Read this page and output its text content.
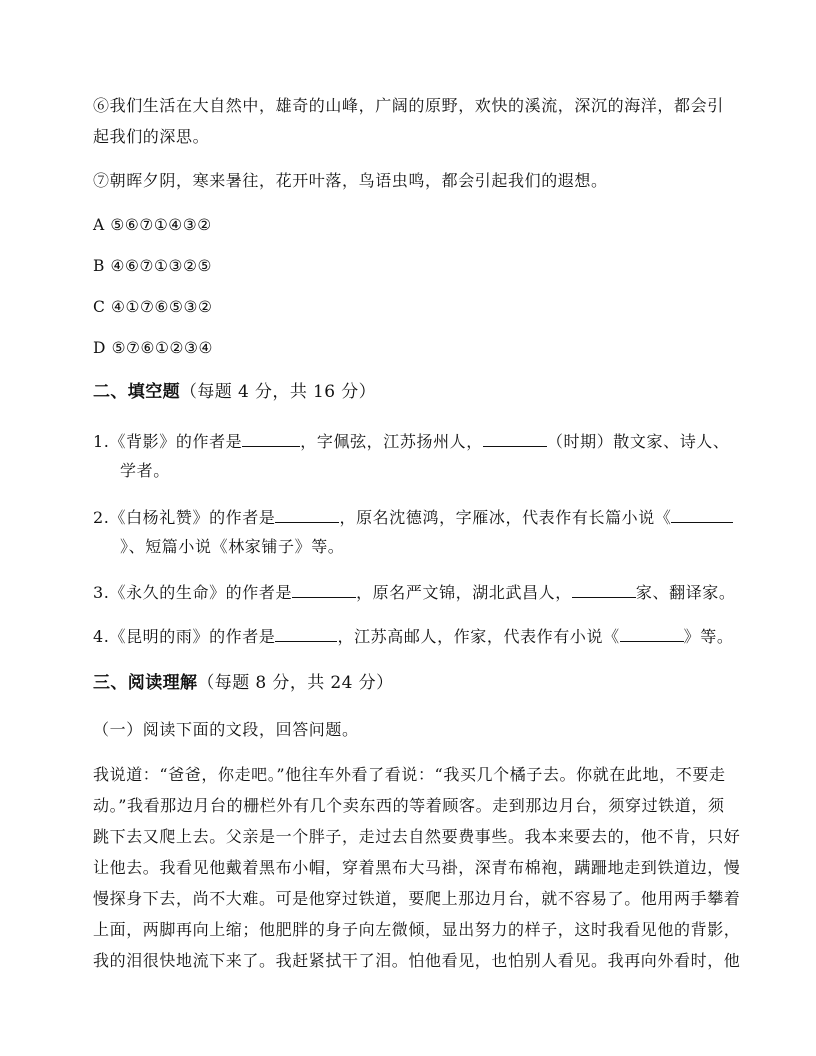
⑥我们生活在大自然中，雄奇的山峰，广阔的原野，欢快的溪流，深沉的海洋，都会引
起我们的深思。
⑦朝晖夕阴，寒来暑往，花开叶落，鸟语虫鸣，都会引起我们的遐想。
A ⑤⑥⑦①④③②
B ④⑥⑦①③②⑤
C ④①⑦⑥⑤③②
D ⑤⑦⑥①②③④
二、填空题（每题 4 分，共 16 分）
1.《背影》的作者是	，字佩弦，江苏扬州人，	（时期）散文家、诗人、
学者。
2.《白杨礼赞》的作者是	，原名沈德鸿，字雁冰，代表作有长篇小说《
》、短篇小说《林家铺子》等。
3.《永久的生命》的作者是	，原名严文锦，湖北武昌人，	家、翻译家。
4.《昆明的雨》的作者是	，江苏高邮人，作家，代表作有小说《	》等。
三、阅读理解（每题 8 分，共 24 分）
（一）阅读下面的文段，回答问题。
我说道：“爸爸，你走吧。”他往车外看了看说：“我买几个橘子去。你就在此地，不要走
动。”我看那边月台的栅栏外有几个卖东西的等着顾客。走到那边月台，须穿过铁道，须
跳下去又爬上去。父亲是一个胖子，走过去自然要费事些。我本来要去的，他不肯，只好
让他去。我看见他戴着黑布小帽，穿着黑布大马褂，深青布棉袍，蹒跚地走到铁道边，慢
慢探身下去，尚不大难。可是他穿过铁道，要爬上那边月台，就不容易了。他用两手攀着
上面，两脚再向上缩；他肥胖的身子向左微倾，显出努力的样子，这时我看见他的背影，
我的泪很快地流下来了。我赶紧拭干了泪。怕他看见，也怕别人看见。我再向外看时，他
